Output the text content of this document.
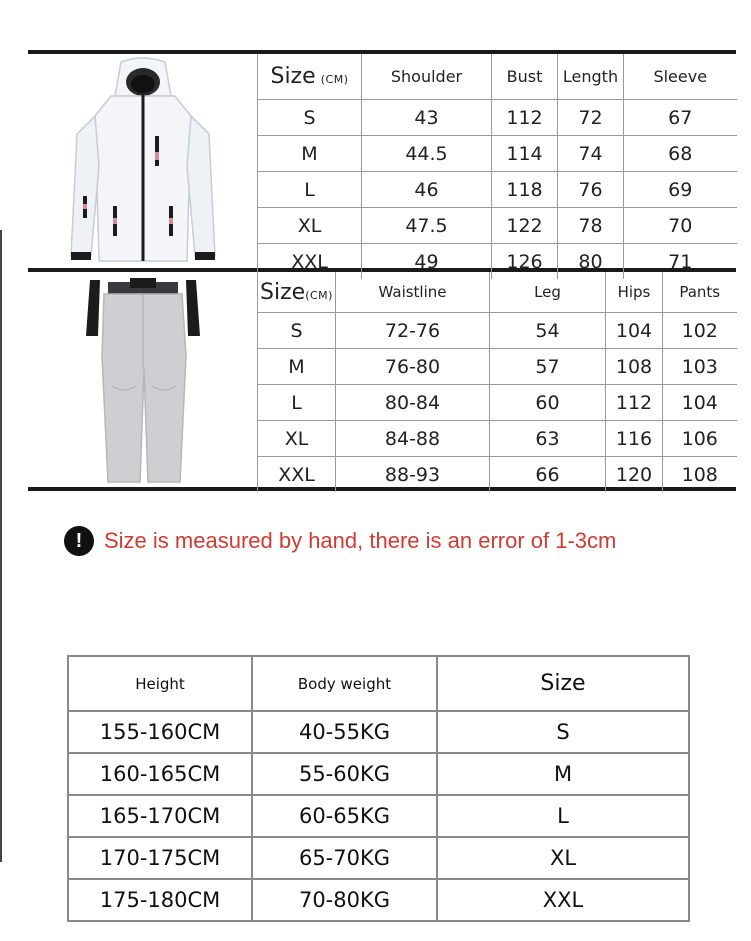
Size (CM)	Shoulder	Bust	Length	Sleeve
S	43	112	72	67
M	44.5	114	74	68
L	46	118	76	69
XL	47.5	122	78	70
XXL	49	126	80	71
Size(CM)	Waistline	Leg	Hips	Pants
S	72-76	54	104	102
M	76-80	57	108	103
L	80-84	60	112	104
XL	84-88	63	116	106
XXL	88-93	66	120	108
! Size is measured by hand, there is an error of 1-3cm
Height	Body weight	Size
155-160CM	40-55KG	S
160-165CM	55-60KG	M
165-170CM	60-65KG	L
170-175CM	65-70KG	XL
175-180CM	70-80KG	XXL
